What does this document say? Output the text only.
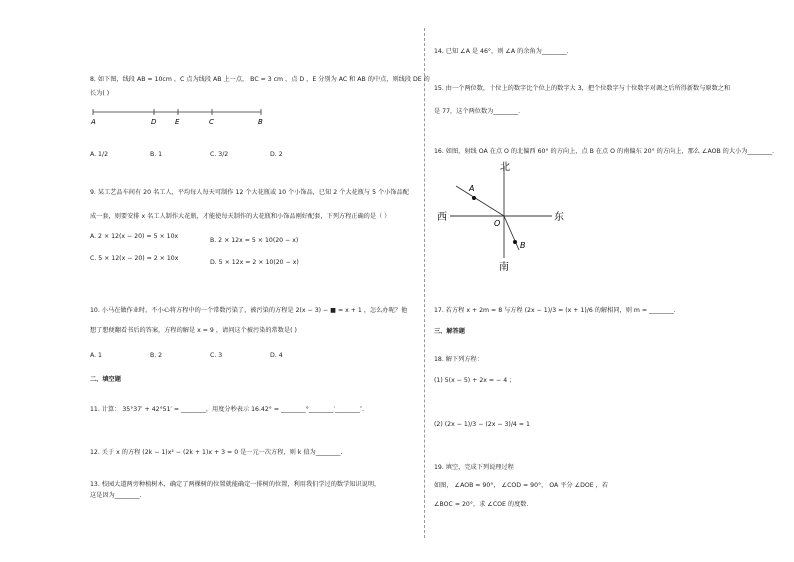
8. 如下图，线段 AB = 10cm ，C 点为线段 AB 上一点， BC = 3 cm ，点 D ，E 分别为 AC 和 AB 的中点，则线段 DE 的
长为( )
A	D	E	C	B
A. 1/2	B. 1	C. 3/2	D. 2
9. 某工艺品车间有 20 名工人，平均每人每天可制作 12 个大花瓶或 10 个小饰品，已知 2 个大花瓶与 5 个小饰品配
成一套，则要安排 x 名工人制作大花瓶，才能使每天制作的大花瓶和小饰品刚好配套，下列方程正确的是（ ）
A. 2 × 12(x − 20) = 5 × 10x
B. 2 × 12x = 5 × 10(20 − x)
C. 5 × 12(x − 20) = 2 × 10x
D. 5 × 12x = 2 × 10(20 − x)
10. 小马在做作业时，不小心将方程中的一个常数污染了，被污染的方程是 2(x − 3) − ■ = x + 1 ，怎么办呢？他
想了想便翻看书后的答案，方程的解是 x = 9 ，请问这个被污染的常数是( )
A. 1	B. 2	C. 3	D. 4
二、填空题
11. 计算： 35°37′ + 42°51′ = ________，用度分秒表示 16.42° = ________°________′________″.
12. 关于 x 的方程 (2k − 1)x² − (2k + 1)x + 3 = 0 是一元一次方程，则 k 值为________.
13. 校园大道两旁种植树木，确定了两棵树的位置就能确定一排树的位置，利用我们学过的数学知识说明，
这是因为________.
14. 已知 ∠A 是 46°，则 ∠A 的余角为________.
15. 由一个两位数，十位上的数字比个位上的数字大 3，把个位数字与十位数字对调之后所得新数与原数之和
是 77，这个两位数为________.
16. 如图，射线 OA 在点 O 的北偏西 60° 的方向上，点 B 在点 O 的南偏东 20° 的方向上，那么 ∠AOB 的大小为________.
北
南
东
西
O
A
B
17. 若方程 x + 2m = 8 与方程 (2x − 1)/3 = (x + 1)/6 的解相同，则 m = ________.
三、解答题
18. 解下列方程：
(1) 5(x − 5) + 2x = − 4 ；
(2) (2x − 1)/3 − (2x − 3)/4 = 1
19. 填空，完成下列说理过程
如图， ∠AOB = 90°， ∠COD = 90°， OA 平分 ∠DOE ，若
∠BOC = 20°，求 ∠COE 的度数.
